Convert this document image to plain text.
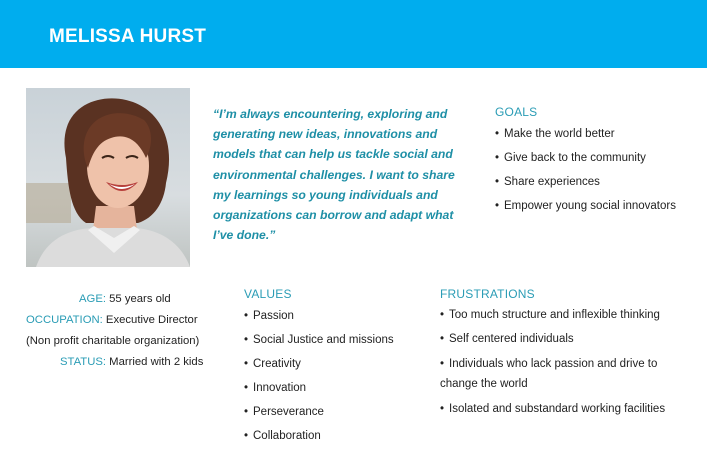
MELISSA HURST
“I’m always encountering, exploring and generating new ideas, innovations and models that can help us tackle social and environmental challenges. I want to share my learnings so young individuals and organizations can borrow and adapt what I’ve done.”
GOALS
• Make the world better
• Give back to the community
• Share experiences
• Empower young social innovators
AGE: 55 years old
OCCUPATION: Executive Director
(Non profit charitable organization)
STATUS: Married with 2 kids
VALUES
• Passion
• Social Justice and missions
• Creativity
• Innovation
• Perseverance
• Collaboration
FRUSTRATIONS
• Too much structure and inflexible thinking
• Self centered individuals
• Individuals who lack passion and drive to change the world
• Isolated and substandard working facilities
